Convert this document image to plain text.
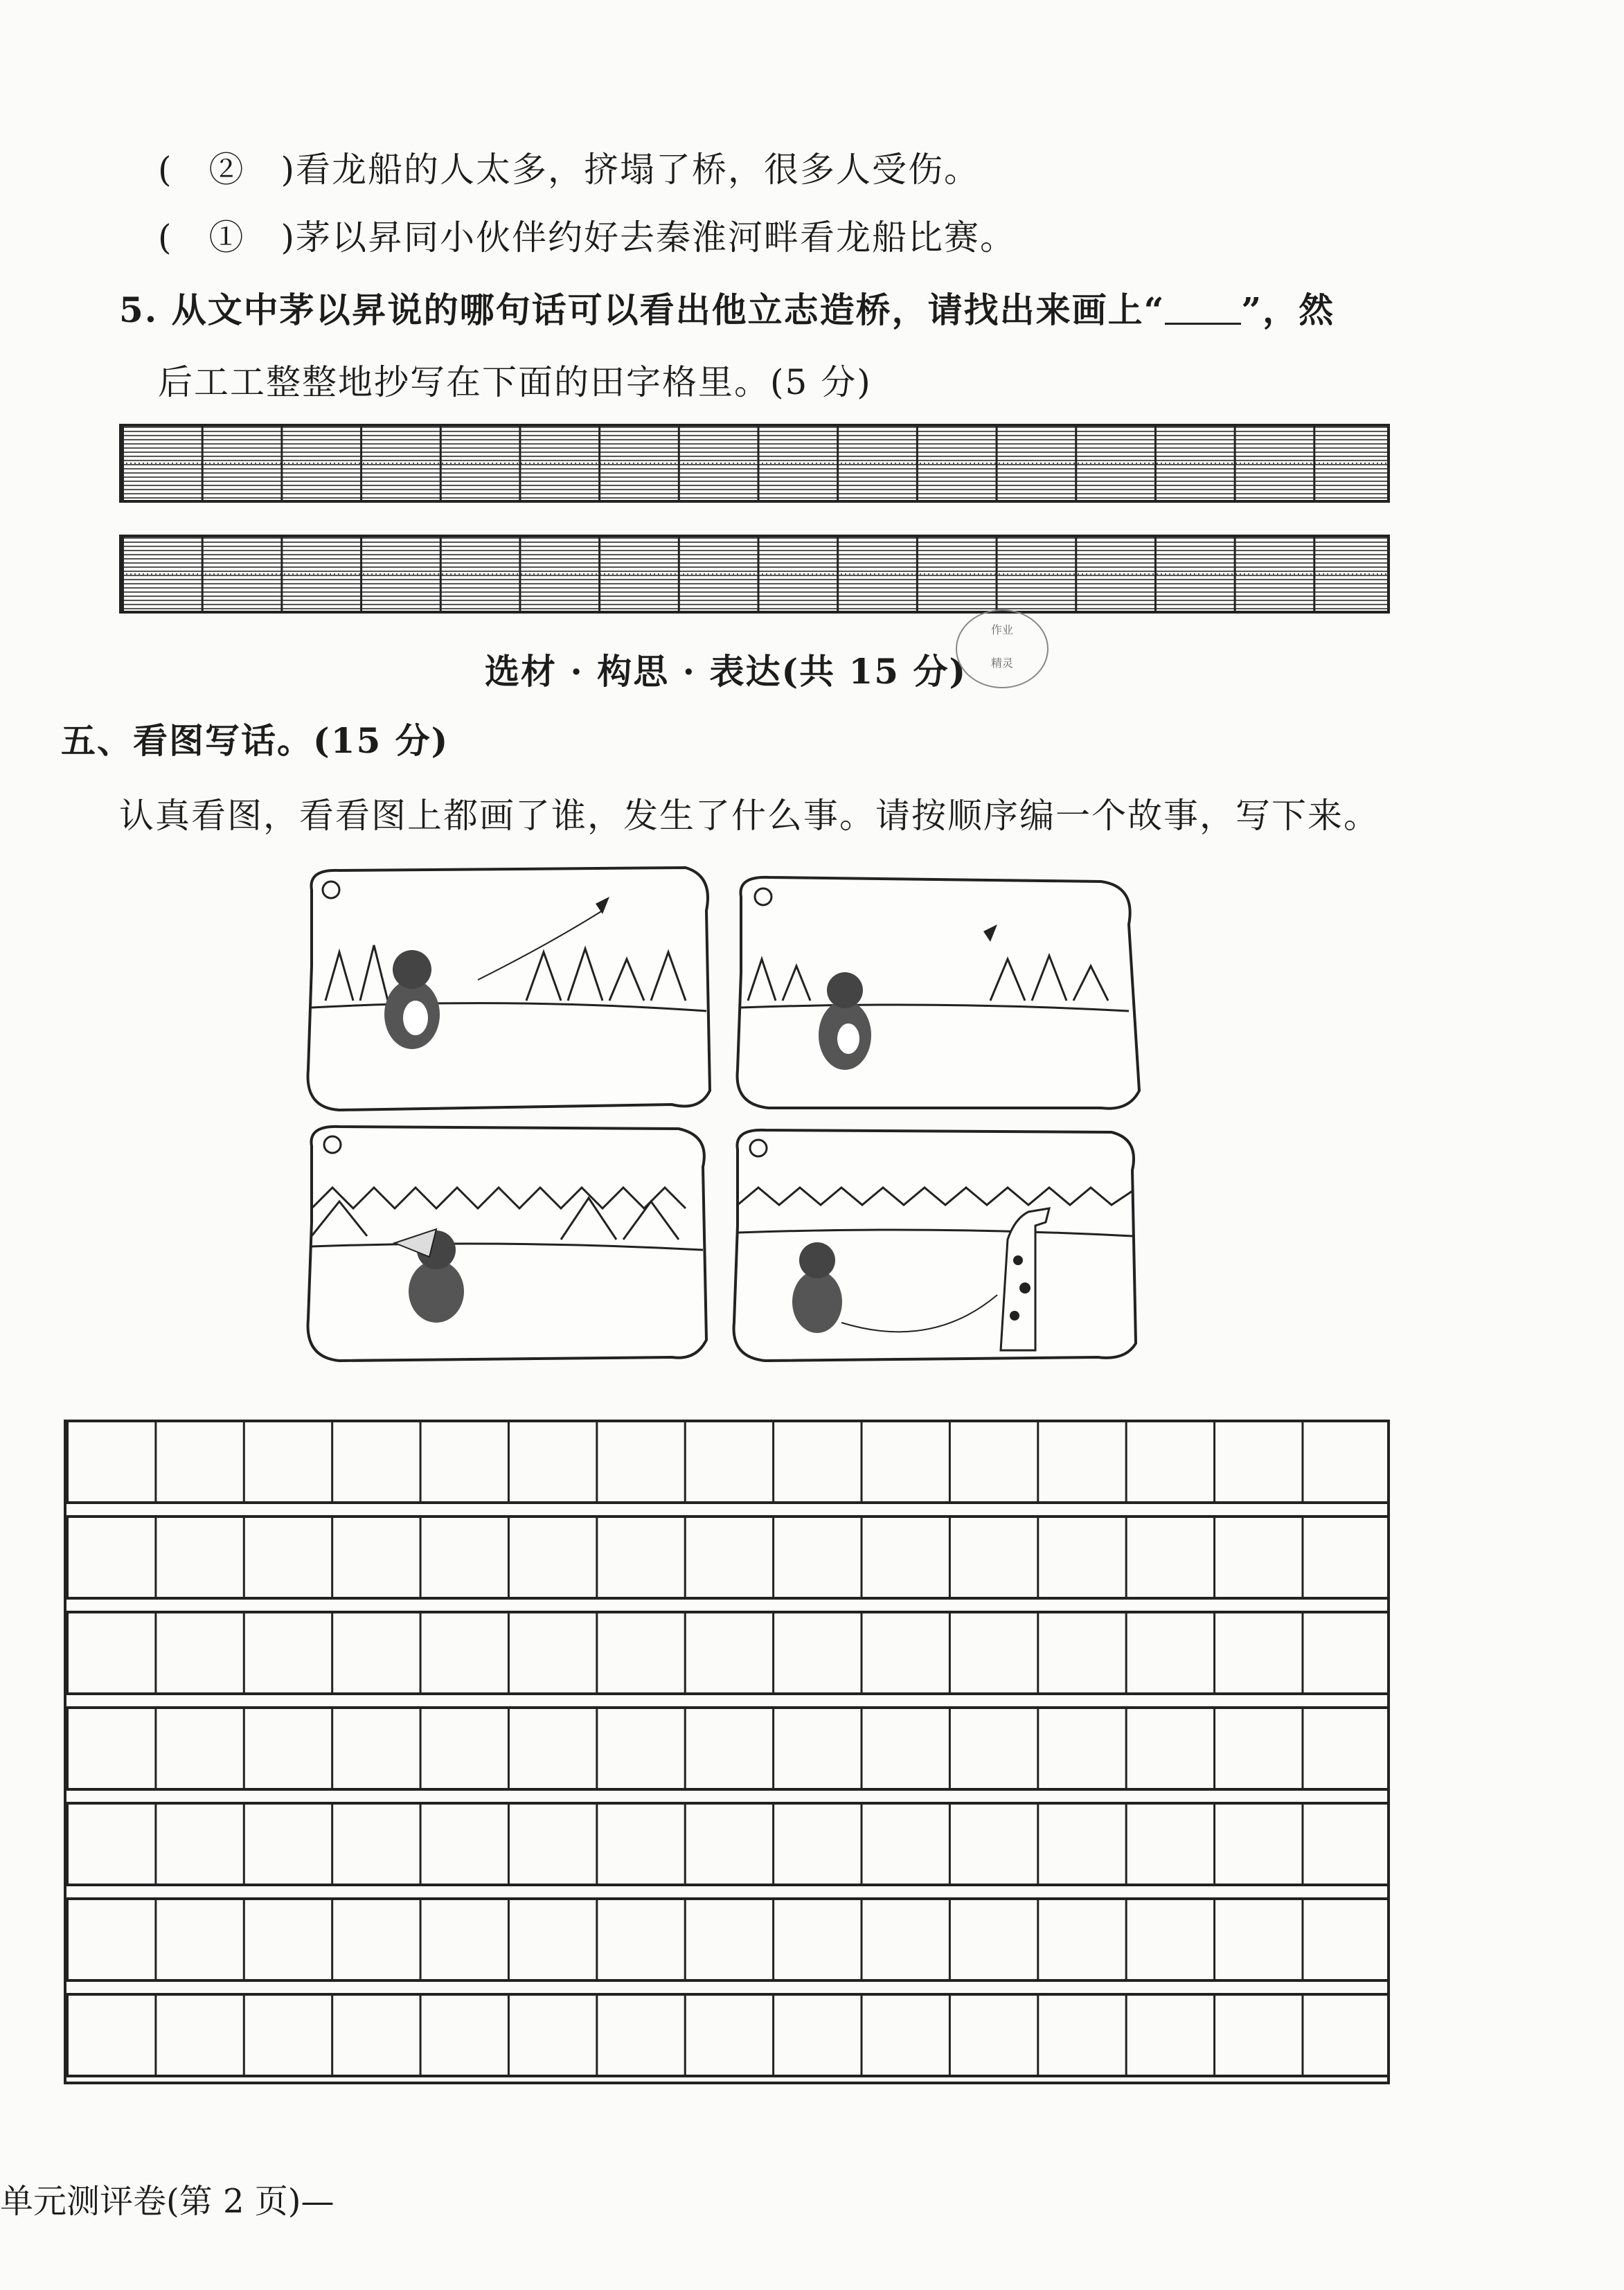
(　②　)看龙船的人太多，挤塌了桥，很多人受伤。
(　①　)茅以昇同小伙伴约好去秦淮河畔看龙船比赛。
5. 从文中茅以昇说的哪句话可以看出他立志造桥，请找出来画上“ ”，然
后工工整整地抄写在下面的田字格里。(5 分)
选材 · 构思 · 表达(共 15 分)
作业
精灵
五、看图写话。(15 分)
认真看图，看看图上都画了谁，发生了什么事。请按顺序编一个故事，写下来。
单元测评卷(第 2 页)—
